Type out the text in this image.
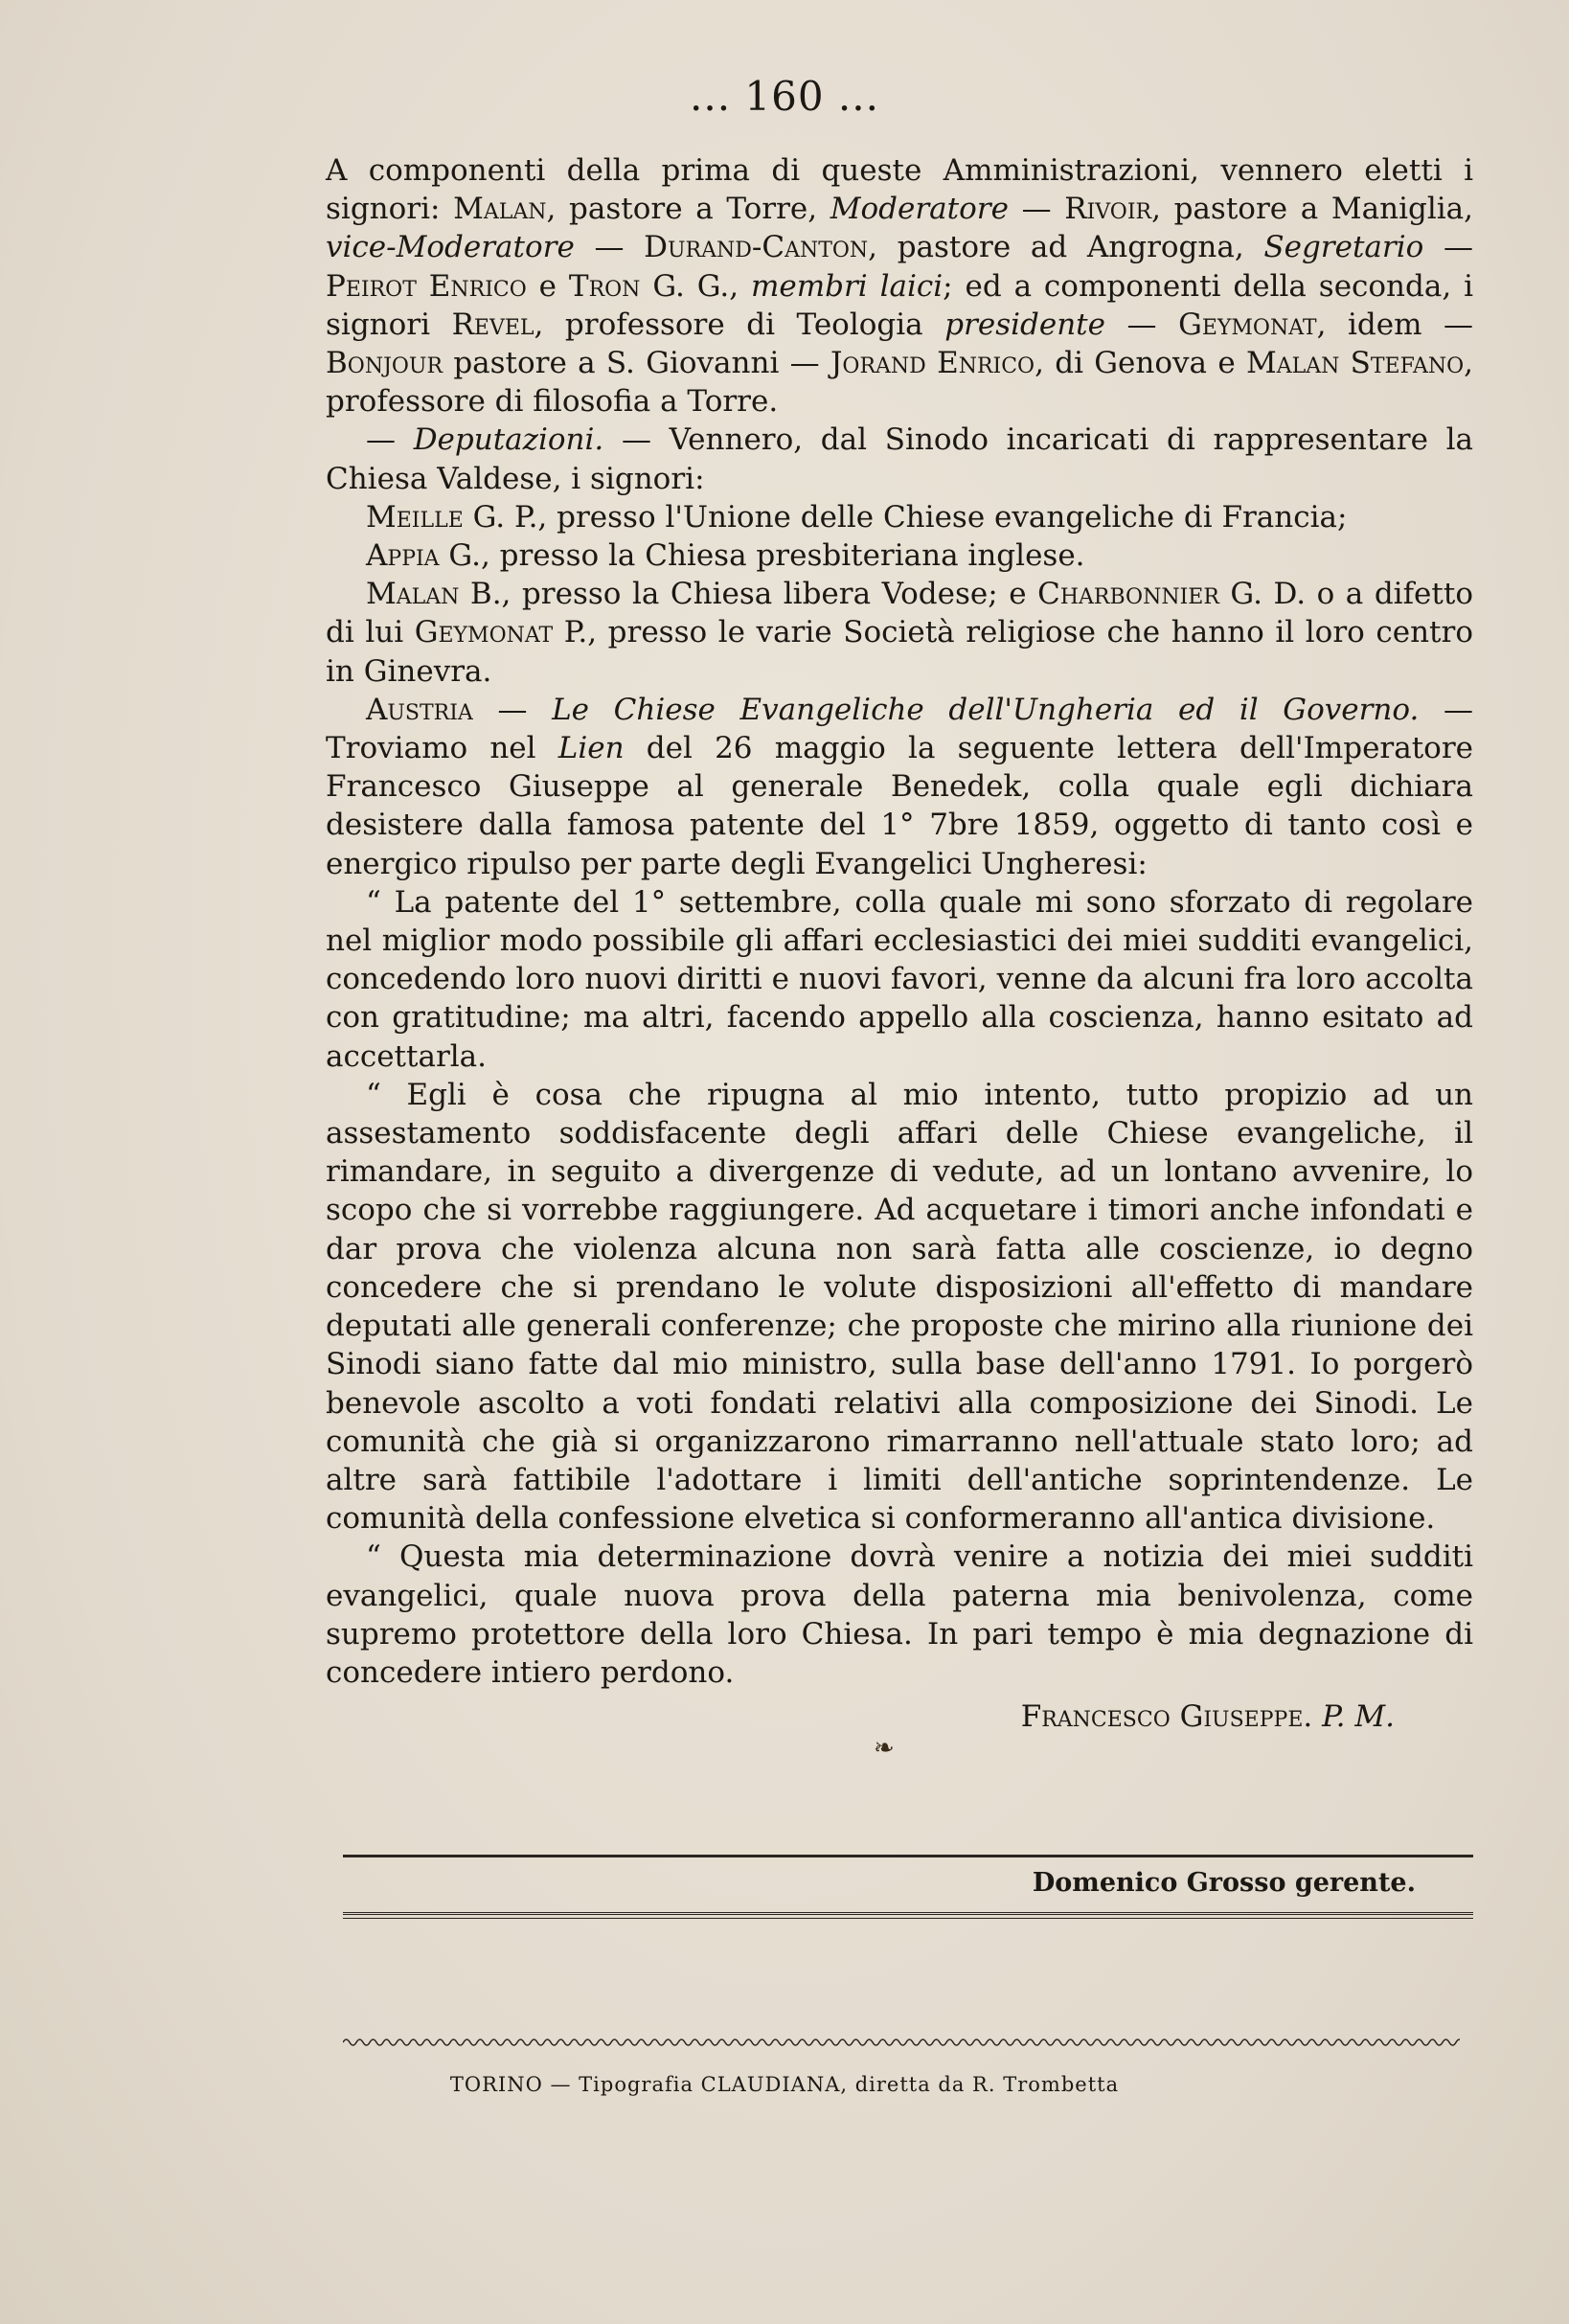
... 160 ...

A componenti della prima di queste Amministrazioni, vennero eletti i signori: Malan, pastore a Torre, Moderatore — Rivoir, pastore a Maniglia, vice-Moderatore — Durand-Canton, pastore ad Angrogna, Segretario — Peirot Enrico e Tron G. G., membri laici; ed a componenti della seconda, i signori Revel, professore di Teologia presidente — Geymonat, idem — Bonjour pastore a S. Giovanni — Jorand Enrico, di Genova e Malan Stefano, professore di filosofia a Torre.

— Deputazioni. — Vennero, dal Sinodo incaricati di rappresentare la Chiesa Valdese, i signori:

Meille G. P., presso l'Unione delle Chiese evangeliche di Francia;

Appia G., presso la Chiesa presbiteriana inglese.

Malan B., presso la Chiesa libera Vodese; e Charbonnier G. D. o a difetto di lui Geymonat P., presso le varie Società religiose che hanno il loro centro in Ginevra.

Austria — Le Chiese Evangeliche dell'Ungheria ed il Governo. — Troviamo nel Lien del 26 maggio la seguente lettera dell'Imperatore Francesco Giuseppe al generale Benedek, colla quale egli dichiara desistere dalla famosa patente del 1° 7bre 1859, oggetto di tanto così e energico ripulso per parte degli Evangelici Ungheresi:

“ La patente del 1° settembre, colla quale mi sono sforzato di regolare nel miglior modo possibile gli affari ecclesiastici dei miei sudditi evangelici, concedendo loro nuovi diritti e nuovi favori, venne da alcuni fra loro accolta con gratitudine; ma altri, facendo appello alla coscienza, hanno esitato ad accettarla.

“ Egli è cosa che ripugna al mio intento, tutto propizio ad un assestamento soddisfacente degli affari delle Chiese evangeliche, il rimandare, in seguito a divergenze di vedute, ad un lontano avvenire, lo scopo che si vorrebbe raggiungere. Ad acquetare i timori anche infondati e dar prova che violenza alcuna non sarà fatta alle coscienze, io degno concedere che si prendano le volute disposizioni all'effetto di mandare deputati alle generali conferenze; che proposte che mirino alla riunione dei Sinodi siano fatte dal mio ministro, sulla base dell'anno 1791. Io porgerò benevole ascolto a voti fondati relativi alla composizione dei Sinodi. Le comunità che già si organizzarono rimarranno nell'attuale stato loro; ad altre sarà fattibile l'adottare i limiti dell'antiche soprintendenze. Le comunità della confessione elvetica si conformeranno all'antica divisione.

“ Questa mia determinazione dovrà venire a notizia dei miei sudditi evangelici, quale nuova prova della paterna mia benivolenza, come supremo protettore della loro Chiesa. In pari tempo è mia degnazione di concedere intiero perdono.

Francesco Giuseppe. P. M.
❧
Domenico Grosso gerente.
TORINO — Tipografia CLAUDIANA, diretta da R. Trombetta
